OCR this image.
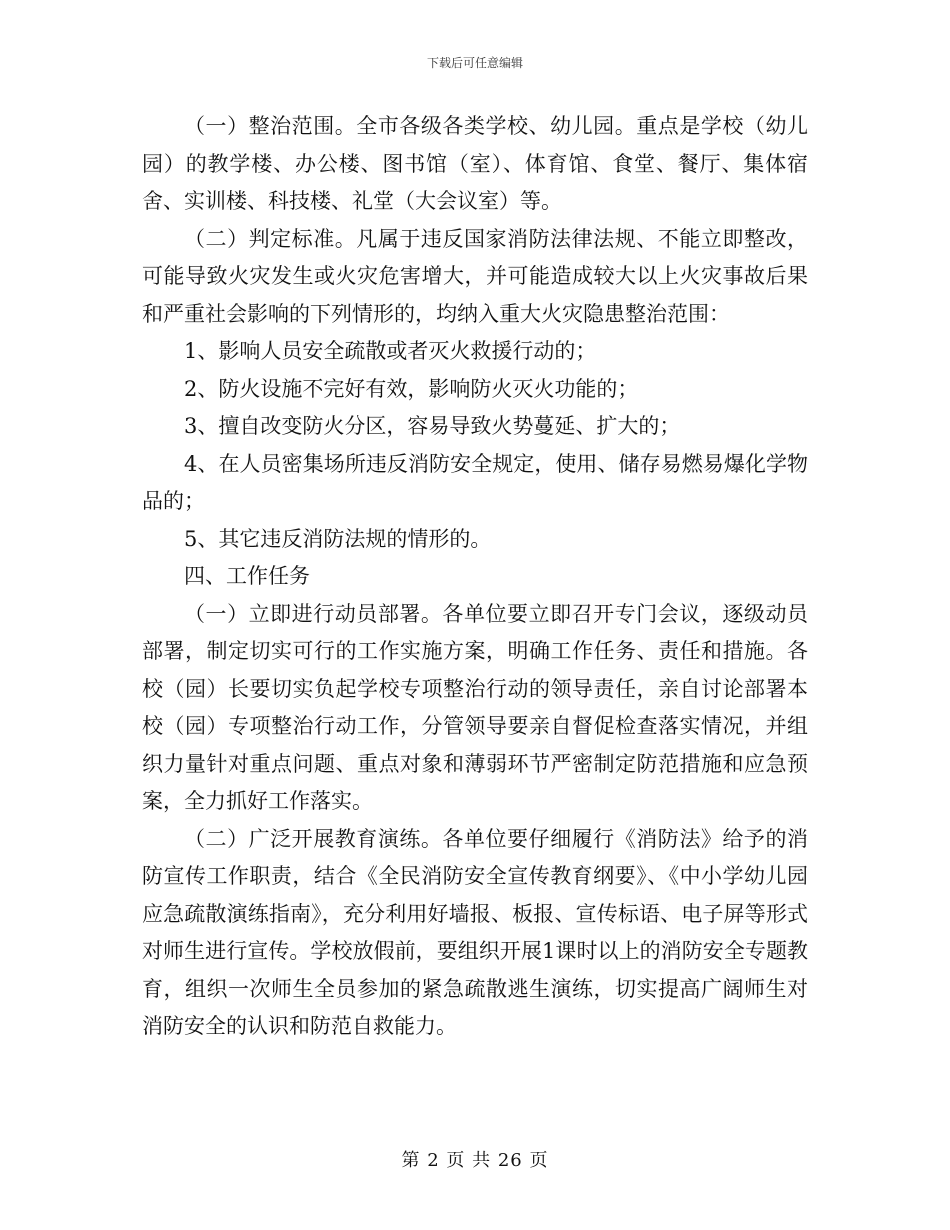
下载后可任意编辑

（一）整治范围。全市各级各类学校、幼儿园。重点是学校（幼儿园）的教学楼、办公楼、图书馆（室）、体育馆、食堂、餐厅、集体宿舍、实训楼、科技楼、礼堂（大会议室）等。

（二）判定标准。凡属于违反国家消防法律法规、不能立即整改，可能导致火灾发生或火灾危害增大，并可能造成较大以上火灾事故后果和严重社会影响的下列情形的，均纳入重大火灾隐患整治范围：

1、影响人员安全疏散或者灭火救援行动的；

2、防火设施不完好有效，影响防火灭火功能的；

3、擅自改变防火分区，容易导致火势蔓延、扩大的；

4、在人员密集场所违反消防安全规定，使用、储存易燃易爆化学物品的；

5、其它违反消防法规的情形的。

四、工作任务

（一）立即进行动员部署。各单位要立即召开专门会议，逐级动员部署，制定切实可行的工作实施方案，明确工作任务、责任和措施。各校（园）长要切实负起学校专项整治行动的领导责任，亲自讨论部署本校（园）专项整治行动工作，分管领导要亲自督促检查落实情况，并组织力量针对重点问题、重点对象和薄弱环节严密制定防范措施和应急预案，全力抓好工作落实。

（二）广泛开展教育演练。各单位要仔细履行《消防法》给予的消防宣传工作职责，结合《全民消防安全宣传教育纲要》、《中小学幼儿园应急疏散演练指南》，充分利用好墙报、板报、宣传标语、电子屏等形式对师生进行宣传。学校放假前，要组织开展1课时以上的消防安全专题教育，组织一次师生全员参加的紧急疏散逃生演练，切实提高广阔师生对消防安全的认识和防范自救能力。

第 2 页 共 26 页
